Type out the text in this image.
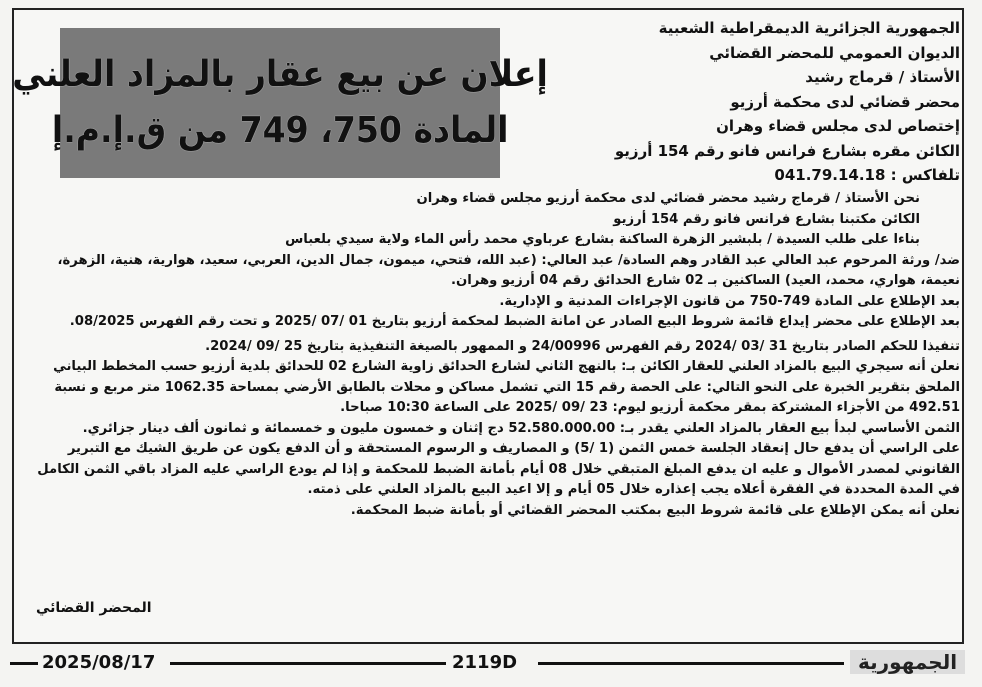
الجمهورية الجزائرية الديمقراطية الشعبية
الديوان العمومي للمحضر القضائي
الأستاذ / قرماج رشيد
محضر قضائي لدى محكمة أرزيو
إختصاص لدى مجلس قضاء وهران
الكائن مقره بشارع فرانس فانو رقم 154 أرزيو
تلفاكس : 041.79.14.18
إعلان عن بيع عقار بالمزاد العلني
المادة 750، 749 من ق.إ.م.إ

نحن الأستاذ / قرماج رشيد محضر قضائي لدى محكمة أرزيو مجلس قضاء وهران

الكائن مكتبنا بشارع فرانس فانو رقم 154 أرزيو

بناءا على طلب السيدة / بلبشير الزهرة الساكنة بشارع عرباوي محمد رأس الماء ولاية سيدي بلعباس

ضد/ ورثة المرحوم عبد العالي عبد القادر وهم السادة/ عبد العالي: (عبد الله، فتحي، ميمون، جمال الدين، العربي، سعيد، هوارية، هنية، الزهرة، نعيمة، هواري، محمد، العيد) الساكنين بـ 02 شارع الحدائق رقم 04 أرزيو وهران.

بعد الإطلاع على المادة 749-750 من قانون الإجراءات المدنية و الإدارية.

بعد الإطلاع على محضر إيداع قائمة شروط البيع الصادر عن امانة الضبط لمحكمة أرزيو بتاريخ 01 /07 /2025 و تحت رقم الفهرس 08/2025.

تنفيذا للحكم الصادر بتاريخ 31 /03 /2024 رقم الفهرس 24/00996 و الممهور بالصيغة التنفيذية بتاريخ 25 /09 /2024.

نعلن أنه سيجري البيع بالمزاد العلني للعقار الكائن بـ: بالنهج الثاني لشارع الحدائق زاوية الشارع 02 للحدائق بلدية أرزيو حسب المخطط البياني الملحق بتقرير الخبرة على النحو التالي: على الحصة رقم 15 التي تشمل مساكن و محلات بالطابق الأرضي بمساحة 1062.35 متر مربع و نسبة 492.51 من الأجزاء المشتركة بمقر محكمة أرزيو ليوم: 23 /09 /2025 على الساعة 10:30 صباحا.

الثمن الأساسي لبدأ بيع العقار بالمزاد العلني يقدر بـ: 52.580.000.00 دج إثنان و خمسون مليون و خمسمائة و ثمانون ألف دينار جزائري.

على الراسي أن يدفع حال إنعقاد الجلسة خمس الثمن (1 /5) و المصاريف و الرسوم المستحقة و أن الدفع يكون عن طريق الشيك مع التبرير القانوني لمصدر الأموال و عليه ان يدفع المبلغ المتبقي خلال 08 أيام بأمانة الضبط للمحكمة و إذا لم يودع الراسي عليه المزاد باقي الثمن الكامل في المدة المحددة في الفقرة أعلاه يجب إعذاره خلال 05 أيام و إلا اعيد البيع بالمزاد العلني على ذمته.

نعلن أنه يمكن الإطلاع على قائمة شروط البيع بمكتب المحضر القضائي أو بأمانة ضبط المحكمة.

المحضر القضائي
2025/08/17	2119D	الجمهورية
